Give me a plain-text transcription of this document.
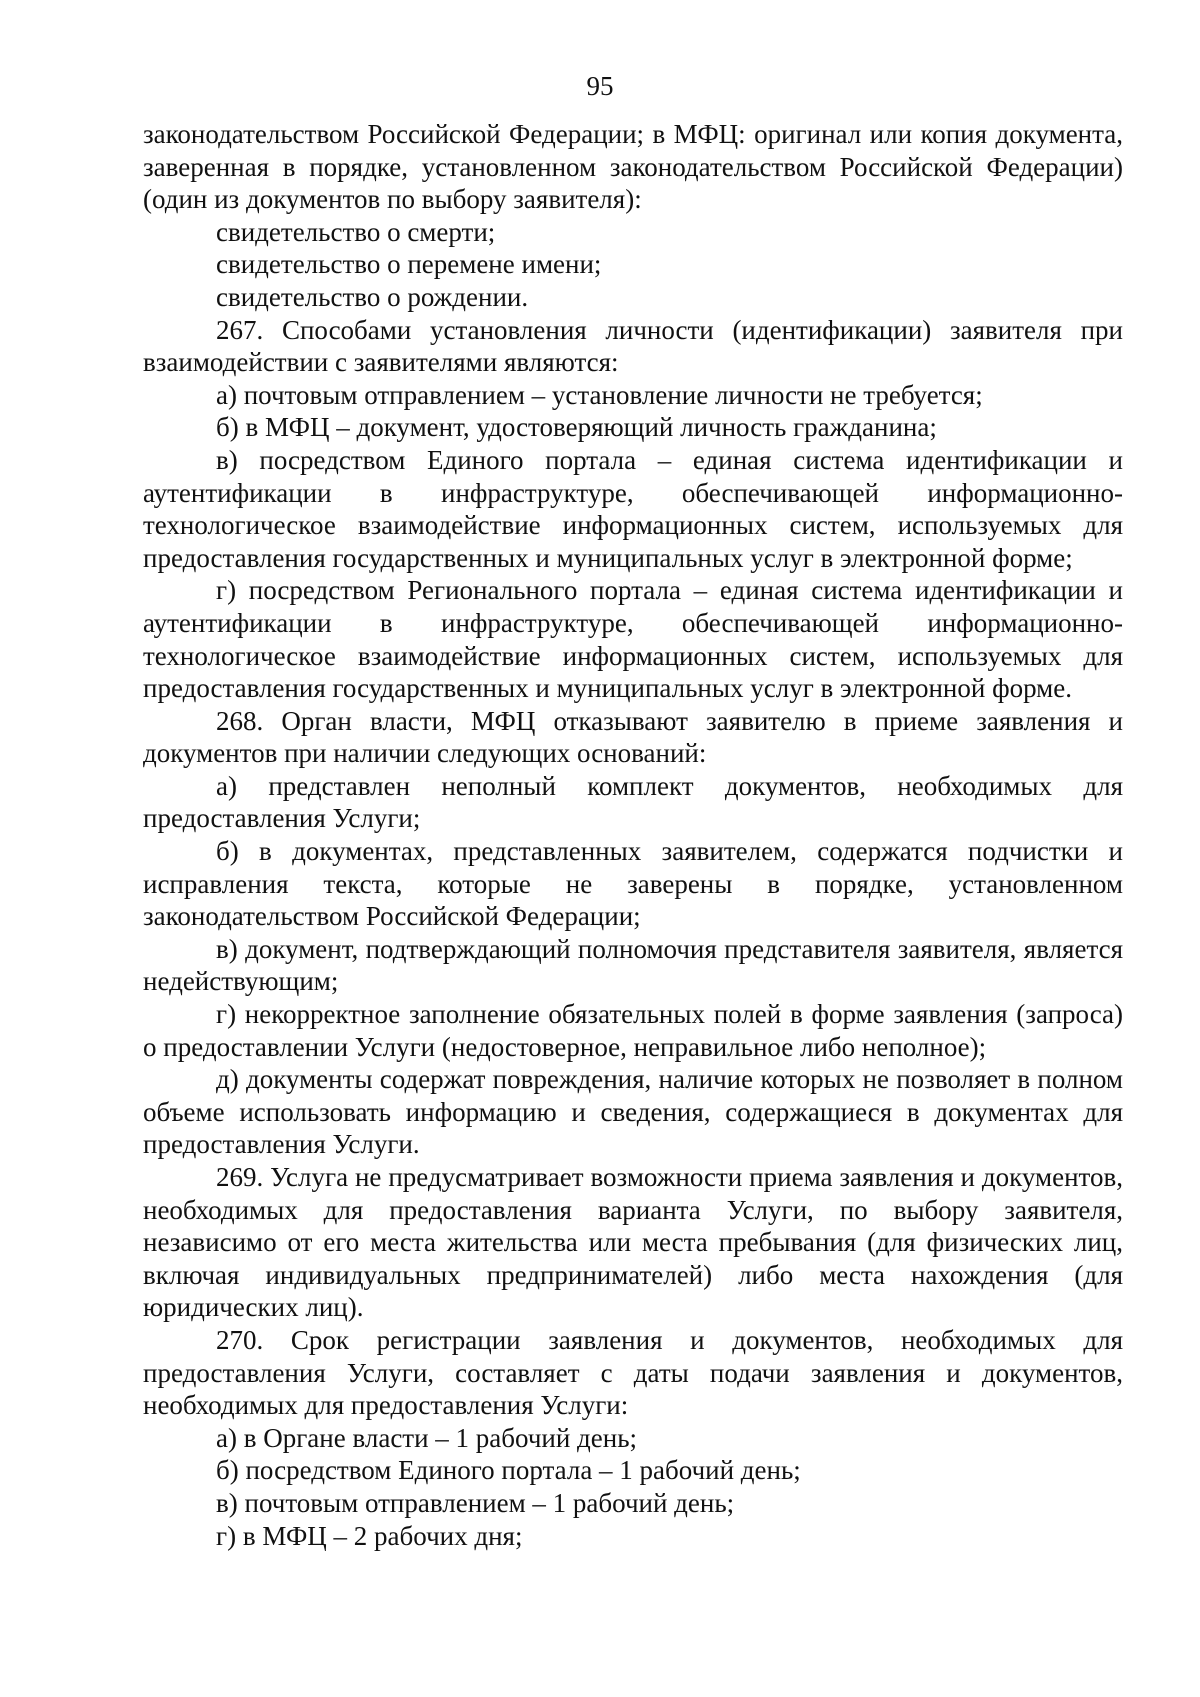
95

законодательством Российской Федерации; в МФЦ: оригинал или копия документа, заверенная в порядке, установленном законодательством Российской Федерации) (один из документов по выбору заявителя):

свидетельство о смерти;

свидетельство о перемене имени;

свидетельство о рождении.

267. Способами установления личности (идентификации) заявителя при взаимодействии с заявителями являются:

а) почтовым отправлением – установление личности не требуется;

б) в МФЦ – документ, удостоверяющий личность гражданина;

в) посредством Единого портала – единая система идентификации и аутентификации в инфраструктуре, обеспечивающей информационно-технологическое взаимодействие информационных систем, используемых для предоставления государственных и муниципальных услуг в электронной форме;

г) посредством Регионального портала – единая система идентификации и аутентификации в инфраструктуре, обеспечивающей информационно-технологическое взаимодействие информационных систем, используемых для предоставления государственных и муниципальных услуг в электронной форме.

268. Орган власти, МФЦ отказывают заявителю в приеме заявления и документов при наличии следующих оснований:

а) представлен неполный комплект документов, необходимых для предоставления Услуги;

б) в документах, представленных заявителем, содержатся подчистки и исправления текста, которые не заверены в порядке, установленном законодательством Российской Федерации;

в) документ, подтверждающий полномочия представителя заявителя, является недействующим;

г) некорректное заполнение обязательных полей в форме заявления (запроса) о предоставлении Услуги (недостоверное, неправильное либо неполное);

д) документы содержат повреждения, наличие которых не позволяет в полном объеме использовать информацию и сведения, содержащиеся в документах для предоставления Услуги.

269. Услуга не предусматривает возможности приема заявления и документов, необходимых для предоставления варианта Услуги, по выбору заявителя, независимо от его места жительства или места пребывания (для физических лиц, включая индивидуальных предпринимателей) либо места нахождения (для юридических лиц).

270. Срок регистрации заявления и документов, необходимых для предоставления Услуги, составляет с даты подачи заявления и документов, необходимых для предоставления Услуги:

а) в Органе власти – 1 рабочий день;

б) посредством Единого портала – 1 рабочий день;

в) почтовым отправлением – 1 рабочий день;

г) в МФЦ – 2 рабочих дня;
